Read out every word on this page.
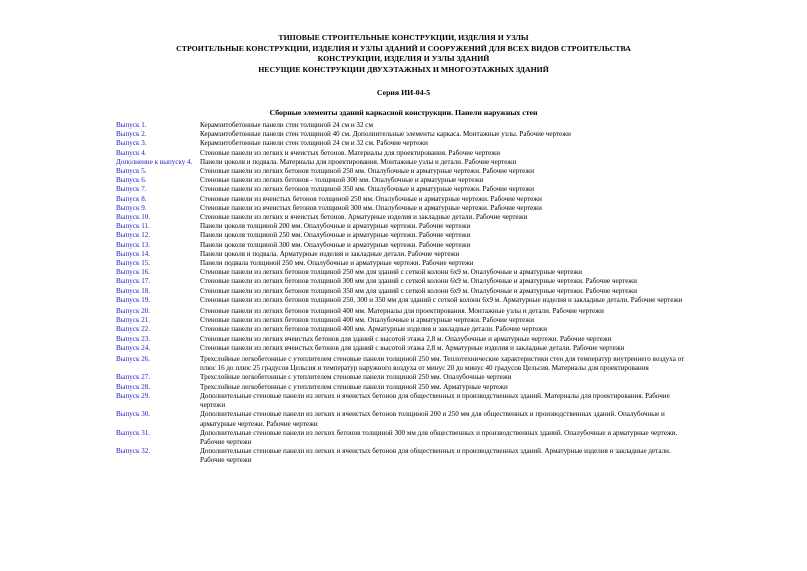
ТИПОВЫЕ СТРОИТЕЛЬНЫЕ КОНСТРУКЦИИ, ИЗДЕЛИЯ И УЗЛЫ
СТРОИТЕЛЬНЫЕ КОНСТРУКЦИИ, ИЗДЕЛИЯ И УЗЛЫ ЗДАНИЙ И СООРУЖЕНИЙ ДЛЯ ВСЕХ ВИДОВ СТРОИТЕЛЬСТВА
КОНСТРУКЦИИ, ИЗДЕЛИЯ И УЗЛЫ ЗДАНИЙ
НЕСУЩИЕ КОНСТРУКЦИИ ДВУХЭТАЖНЫХ И МНОГОЭТАЖНЫХ ЗДАНИЙ
Серия ИИ-04-5
Сборные элементы зданий каркасной конструкции. Панели наружных стен
Выпуск 1.	Керамзитобетонные панели стен толщиной 24 см и 32 см
Выпуск 2.	Керамзитобетонные панели стен толщиной 40 см. Дополнительные элементы каркаса. Монтажные узлы. Рабочие чертежи
Выпуск 3.	Керамзитобетонные панели стен толщиной 24 см и 32 см. Рабочие чертежи
Выпуск 4.	Стеновые панели из легких и ячеистых бетонов. Материалы для проектирования. Рабочие чертежи
Дополнение к выпуску 4.	Панели цоколя и подвала. Материалы для проектирования. Монтажные узлы и детали. Рабочие чертежи
Выпуск 5.	Стеновые панели из легких бетонов толщиной 250 мм. Опалубочные и арматурные чертежи. Рабочие чертежи
Выпуск 6.	Стеновые панели из легких бетонов - толщиной 300 мм. Опалубочные и арматурные чертежи
Выпуск 7.	Стеновые панели из легких бетонов толщиной 350 мм. Опалубочные и арматурные чертежи. Рабочие чертежи
Выпуск 8.	Стеновые панели из ячеистых бетонов толщиной 250 мм. Опалубочные и арматурные чертежи. Рабочие чертежи
Выпуск 9.	Стеновые панели из ячеистых бетонов толщиной 300 мм. Опалубочные и арматурные чертежи. Рабочие чертежи
Выпуск 10.	Стеновые панели из легких и ячеистых бетонов. Арматурные изделия и закладные детали. Рабочие чертежи
Выпуск 11.	Панели цоколя толщиной 200 мм. Опалубочные и арматурные чертежи. Рабочие чертежи
Выпуск 12.	Панели цоколя толщиной 250 мм. Опалубочные и арматурные чертежи. Рабочие чертежи
Выпуск 13.	Панели цоколя толщиной 300 мм. Опалубочные и арматурные чертежи. Рабочие чертежи
Выпуск 14.	Панели цоколя и подвала. Арматурные изделия и закладные детали. Рабочие чертежи
Выпуск 15.	Панели подвала толщиной 250 мм. Опалубочные и арматурные чертежи. Рабочие чертежи
Выпуск 16.	Стеновые панели из легких бетонов толщиной 250 мм для зданий с сеткой колонн 6х9 м. Опалубочные и арматурные чертежи
Выпуск 17.	Стеновые панели из легких бетонов толщиной 300 мм для зданий с сеткой колонн 6х9 м. Опалубочные и арматурные чертежи. Рабочие чертежи
Выпуск 18.	Стеновые панели из легких бетонов толщиной 350 мм для зданий с сеткой колонн 6х9 м. Опалубочные и арматурные чертежи. Рабочие чертежи
Выпуск 19.	Стеновые панели из легких бетонов толщиной 250, 300 и 350 мм для зданий с сеткой колонн 6х9 м. Арматурные изделия и закладные детали. Рабочие чертежи
Выпуск 20.	Стеновые панели из легких бетонов толщиной 400 мм. Материалы для проектирования. Монтажные узлы и детали. Рабочие чертежи
Выпуск 21.	Стеновые панели из легких бетонов толщиной 400 мм. Опалубочные и арматурные чертежи. Рабочие чертежи
Выпуск 22.	Стеновые панели из легких бетонов толщиной 400 мм. Арматурные изделия и закладные детали. Рабочие чертежи
Выпуск 23.	Стеновые панели из легких ячеистых бетонов для зданий с высотой этажа 2,8 м. Опалубочные и арматурные чертежи. Рабочие чертежи
Выпуск 24.	Стеновые панели из легких ячеистых бетонов для зданий с высотой этажа 2,8 м. Арматурные изделия и закладные детали. Рабочие чертежи
Выпуск 26.	Трехслойные легкобетонные с утеплителем стеновые панели толщиной 250 мм. Теплотехнические характеристики стен для температур внутреннего воздуха от плюс 16 до плюс 25 градусов Цельсия и температур наружного воздуха от минус 20 до минус 40 градусов Цельсия. Материалы для проектирования
Выпуск 27.	Трехслойные легкобетонные с утеплителем стеновые панели толщиной 250 мм. Опалубочные чертежи
Выпуск 28.	Трехслойные легкобетонные с утеплителем стеновые панели толщиной 250 мм. Арматурные чертежи
Выпуск 29.	Дополнительные стеновые панели из легких и ячеистых бетонов для общественных и производственных зданий. Материалы для проектирования. Рабочие чертежи
Выпуск 30.	Дополнительные стеновые панели из легких и ячеистых бетонов толщиной 200 и 250 мм для общественных и производственных зданий. Опалубочные и арматурные чертежи. Рабочие чертежи
Выпуск 31.	Дополнительные стеновые панели из легких бетонов толщиной 300 мм для общественных и производственных зданий. Опалубочные и арматурные чертежи. Рабочие чертежи
Выпуск 32.	Дополнительные стеновые панели из легких и ячеистых бетонов для общественных и производственных зданий. Арматурные изделия и закладные детали. Рабочие чертежи
